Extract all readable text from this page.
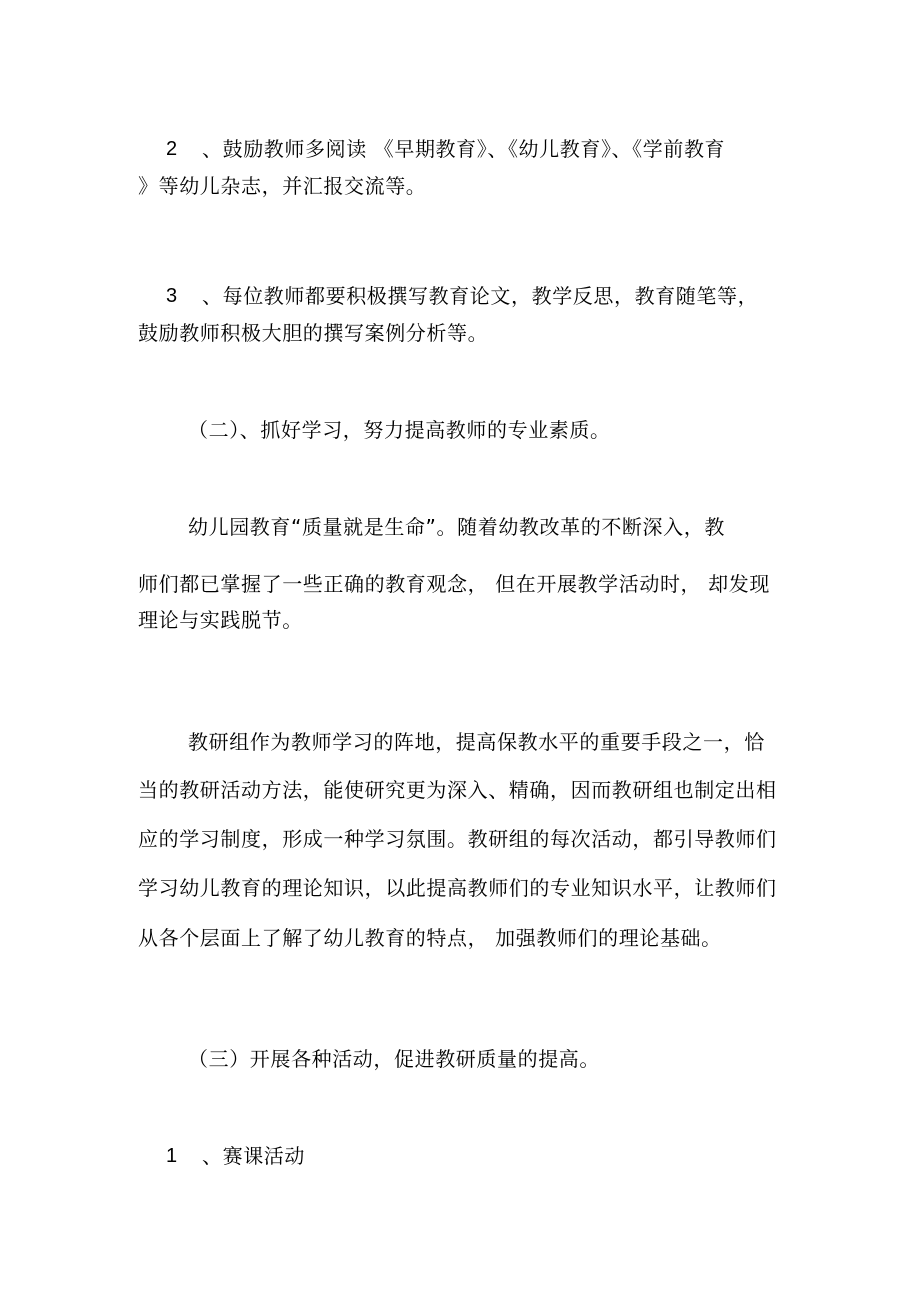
2 、鼓励教师多阅读 《早期教育》、《幼儿教育》、《学前教育
》等幼儿杂志，并汇报交流等。
3 、每位教师都要积极撰写教育论文，教学反思，教育随笔等，
鼓励教师积极大胆的撰写案例分析等。
（二）、抓好学习，努力提高教师的专业素质。
幼儿园教育“质量就是生命”。随着幼教改革的不断深入，教
师们都已掌握了一些正确的教育观念， 但在开展教学活动时， 却发现
理论与实践脱节。
教研组作为教师学习的阵地，提高保教水平的重要手段之一，恰
当的教研活动方法，能使研究更为深入、精确，因而教研组也制定出相
应的学习制度，形成一种学习氛围。教研组的每次活动，都引导教师们
学习幼儿教育的理论知识，以此提高教师们的专业知识水平，让教师们
从各个层面上了解了幼儿教育的特点， 加强教师们的理论基础。
（三）开展各种活动，促进教研质量的提高。
1 、赛课活动
